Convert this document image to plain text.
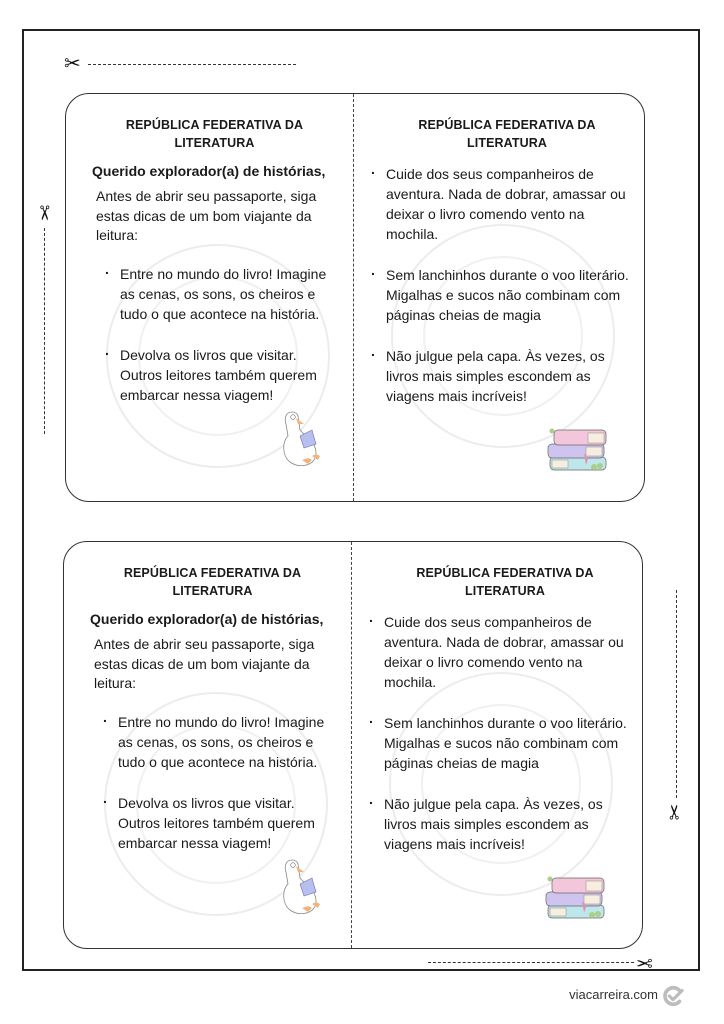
✂
✂
✂
✂
REPÚBLICA FEDERATIVA DA
LITERATURA
Querido explorador(a) de histórias,
Antes de abrir seu passaporte, siga estas dicas de um bom viajante da leitura:
. Entre no mundo do livro! Imagine as cenas, os sons, os cheiros e tudo o que acontece na história.
. Devolva os livros que visitar. Outros leitores também querem embarcar nessa viagem!
REPÚBLICA FEDERATIVA DA
LITERATURA
. Cuide dos seus companheiros de aventura. Nada de dobrar, amassar ou deixar o livro comendo vento na mochila.
. Sem lanchinhos durante o voo literário. Migalhas e sucos não combinam com páginas cheias de magia
. Não julgue pela capa. Às vezes, os livros mais simples escondem as viagens mais incríveis!
REPÚBLICA FEDERATIVA DA
LITERATURA
Querido explorador(a) de histórias,
Antes de abrir seu passaporte, siga estas dicas de um bom viajante da leitura:
. Entre no mundo do livro! Imagine as cenas, os sons, os cheiros e tudo o que acontece na história.
. Devolva os livros que visitar. Outros leitores também querem embarcar nessa viagem!
REPÚBLICA FEDERATIVA DA
LITERATURA
. Cuide dos seus companheiros de aventura. Nada de dobrar, amassar ou deixar o livro comendo vento na mochila.
. Sem lanchinhos durante o voo literário. Migalhas e sucos não combinam com páginas cheias de magia
. Não julgue pela capa. Às vezes, os livros mais simples escondem as viagens mais incríveis!
viacarreira.com
